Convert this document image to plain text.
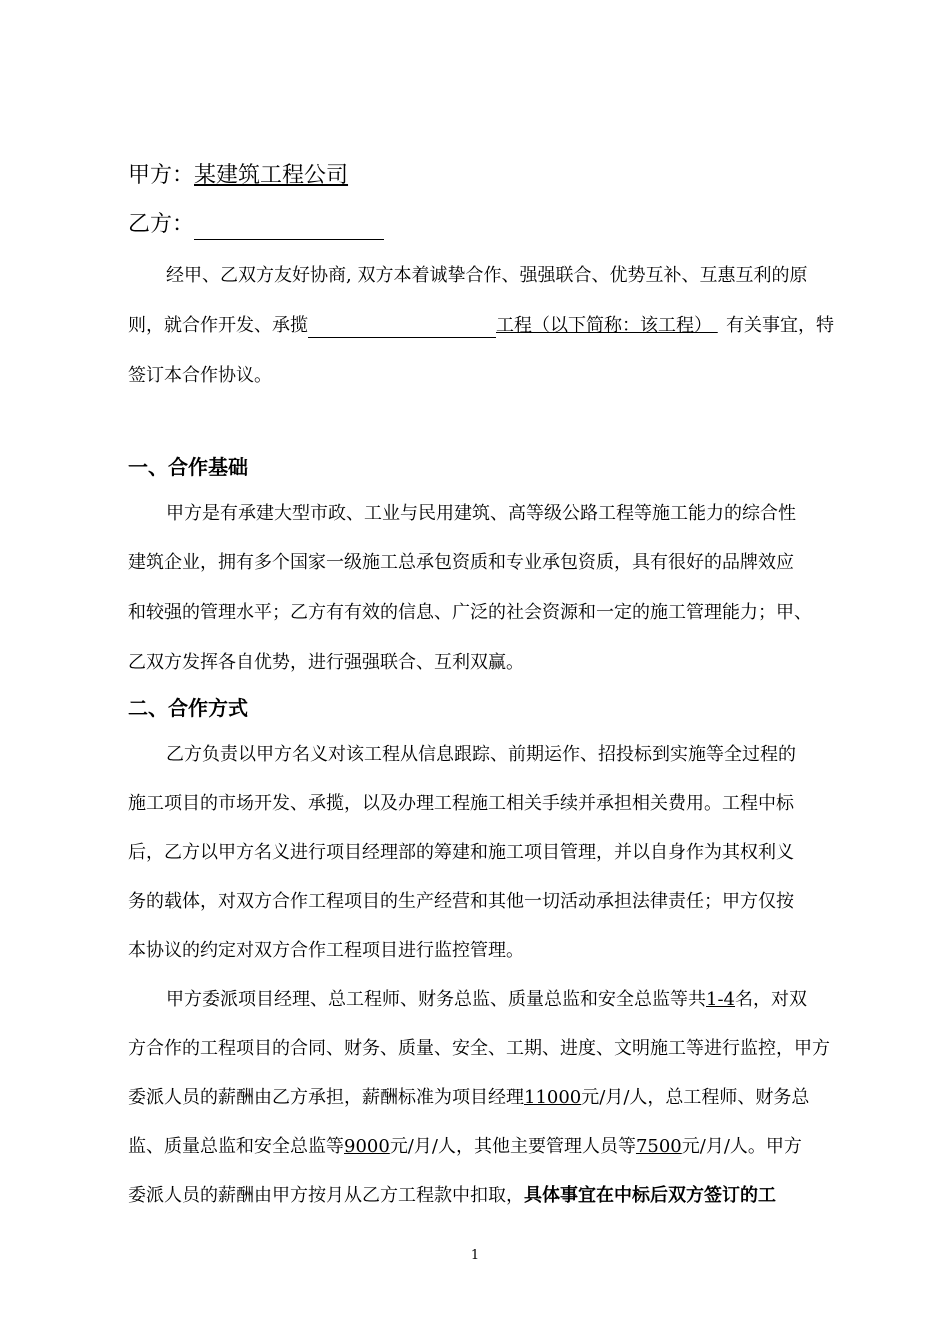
甲方：某建筑工程公司
乙方：
经甲、乙双方友好协商, 双方本着诚挚合作、强强联合、优势互补、互惠互利的原
则，就合作开发、承揽	工程（以下简称：该工程） 有关事宜，特
签订本合作协议。
一、合作基础
甲方是有承建大型市政、工业与民用建筑、高等级公路工程等施工能力的综合性
建筑企业，拥有多个国家一级施工总承包资质和专业承包资质，具有很好的品牌效应
和较强的管理水平；乙方有有效的信息、广泛的社会资源和一定的施工管理能力；甲、
乙双方发挥各自优势，进行强强联合、互利双赢。
二、合作方式
乙方负责以甲方名义对该工程从信息跟踪、前期运作、招投标到实施等全过程的
施工项目的市场开发、承揽，以及办理工程施工相关手续并承担相关费用。工程中标
后，乙方以甲方名义进行项目经理部的筹建和施工项目管理，并以自身作为其权利义
务的载体，对双方合作工程项目的生产经营和其他一切活动承担法律责任；甲方仅按
本协议的约定对双方合作工程项目进行监控管理。
甲方委派项目经理、总工程师、财务总监、质量总监和安全总监等共1-4名，对双
方合作的工程项目的合同、财务、质量、安全、工期、进度、文明施工等进行监控，甲方
委派人员的薪酬由乙方承担，薪酬标准为项目经理11000元/月/人，总工程师、财务总
监、质量总监和安全总监等9000元/月/人，其他主要管理人员等7500元/月/人。甲方
委派人员的薪酬由甲方按月从乙方工程款中扣取，具体事宜在中标后双方签订的工
1
